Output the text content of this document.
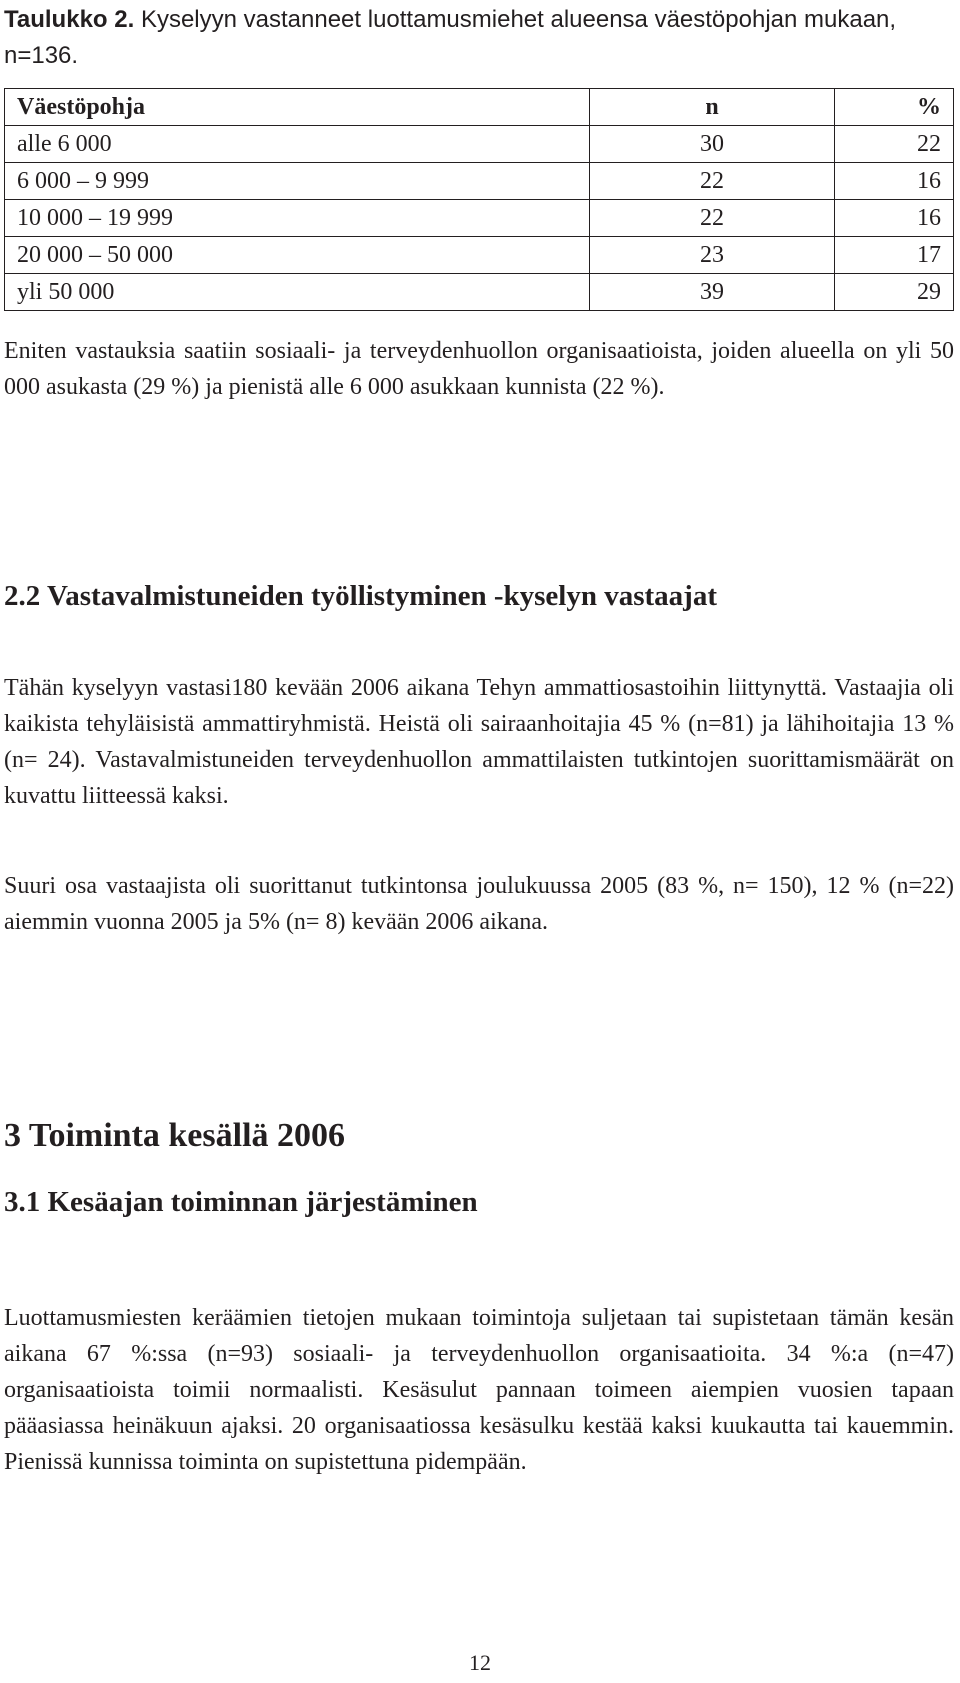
Taulukko 2. Kyselyyn vastanneet luottamusmiehet alueensa väestöpohjan mukaan, n=136.

Väestöpohja	n	%
alle 6 000	30	22
6 000 – 9 999	22	16
10 000 – 19 999	22	16
20 000 – 50 000	23	17
yli 50 000	39	29

Eniten vastauksia saatiin sosiaali- ja terveydenhuollon organisaatioista, joiden alueella on yli 50 000 asukasta (29 %) ja pienistä alle 6 000 asukkaan kunnista (22 %).

2.2 Vastavalmistuneiden työllistyminen -kyselyn vastaajat

Tähän kyselyyn vastasi180 kevään 2006 aikana Tehyn ammattiosastoihin liittynyttä. Vastaajia oli kaikista tehyläisistä ammattiryhmistä. Heistä oli sairaanhoitajia 45 % (n=81) ja lähihoitajia 13 % (n= 24). Vastavalmistuneiden terveydenhuollon ammattilaisten tutkintojen suorittamismäärät on kuvattu liitteessä kaksi.

Suuri osa vastaajista oli suorittanut tutkintonsa joulukuussa 2005 (83 %, n= 150), 12 % (n=22) aiemmin vuonna 2005 ja 5% (n= 8) kevään 2006 aikana.

3 Toiminta kesällä 2006
3.1 Kesäajan toiminnan järjestäminen

Luottamusmiesten keräämien tietojen mukaan toimintoja suljetaan tai supistetaan tämän kesän aikana 67 %:ssa (n=93) sosiaali- ja terveydenhuollon organisaatioita. 34 %:a (n=47) organisaatioista toimii normaalisti. Kesäsulut pannaan toimeen aiempien vuosien tapaan pääasiassa heinäkuun ajaksi. 20 organisaatiossa kesäsulku kestää kaksi kuukautta tai kauemmin. Pienissä kunnissa toiminta on supistettuna pidempään.

12
